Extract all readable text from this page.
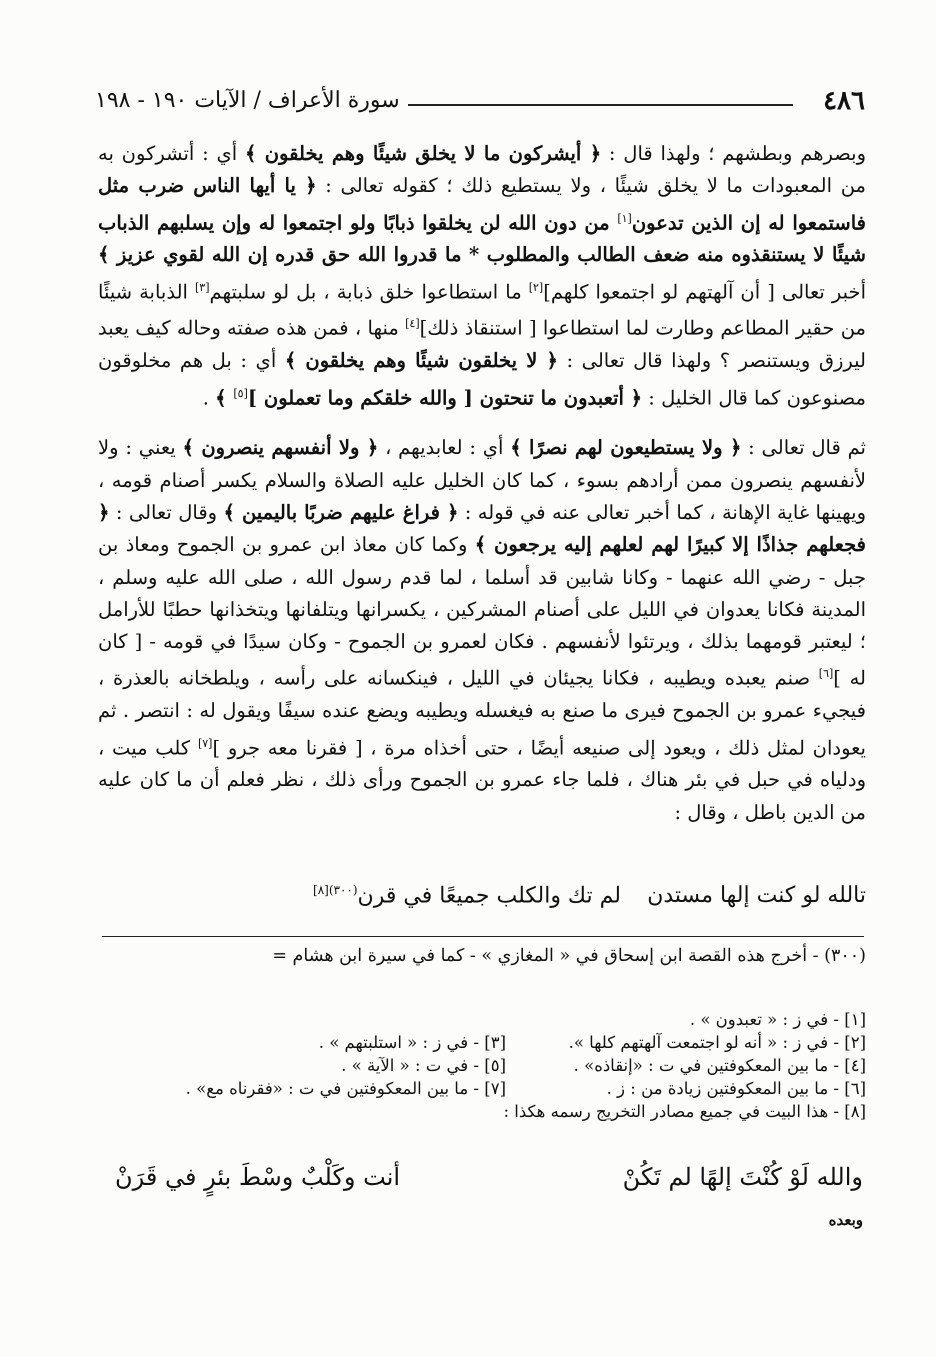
٤٨٦
سورة الأعراف / الآيات ١٩٠ - ١٩٨

وبصرهم وبطشهم ؛ ولهذا قال : ﴿ أيشركون ما لا يخلق شيئًا وهم يخلقون ﴾ أي : أتشركون به من المعبودات ما لا يخلق شيئًا ، ولا يستطيع ذلك ؛ كقوله تعالى : ﴿ يا أيها الناس ضرب مثل فاستمعوا له إن الذين تدعون[١] من دون الله لن يخلقوا ذبابًا ولو اجتمعوا له وإن يسلبهم الذباب شيئًا لا يستنقذوه منه ضعف الطالب والمطلوب * ما قدروا الله حق قدره إن الله لقوي عزيز ﴾ أخبر تعالى [ أن آلهتهم لو اجتمعوا كلهم][٢] ما استطاعوا خلق ذبابة ، بل لو سلبتهم[٣] الذبابة شيئًا من حقير المطاعم وطارت لما استطاعوا [ استنقاذ ذلك][٤] منها ، فمن هذه صفته وحاله كيف يعبد ليرزق ويستنصر ؟ ولهذا قال تعالى : ﴿ لا يخلقون شيئًا وهم يخلقون ﴾ أي : بل هم مخلوقون مصنوعون كما قال الخليل : ﴿ أتعبدون ما تنحتون [ والله خلقكم وما تعملون ][٥] ﴾ .

ثم قال تعالى : ﴿ ولا يستطيعون لهم نصرًا ﴾ أي : لعابديهم ، ﴿ ولا أنفسهم ينصرون ﴾ يعني : ولا لأنفسهم ينصرون ممن أرادهم بسوء ، كما كان الخليل عليه الصلاة والسلام يكسر أصنام قومه ، ويهينها غاية الإهانة ، كما أخبر تعالى عنه في قوله : ﴿ فراغ عليهم ضربًا باليمين ﴾ وقال تعالى : ﴿ فجعلهم جذاذًا إلا كبيرًا لهم لعلهم إليه يرجعون ﴾ وكما كان معاذ ابن عمرو بن الجموح ومعاذ بن جبل - رضي الله عنهما - وكانا شابين قد أسلما ، لما قدم رسول الله ، صلى الله عليه وسلم ، المدينة فكانا يعدوان في الليل على أصنام المشركين ، يكسرانها ويتلفانها ويتخذانها حطبًا للأرامل ؛ ليعتبر قومهما بذلك ، ويرتئوا لأنفسهم . فكان لعمرو بن الجموح - وكان سيدًا في قومه - [ كان له ][٦] صنم يعبده ويطيبه ، فكانا يجيئان في الليل ، فينكسانه على رأسه ، ويلطخانه بالعذرة ، فيجيء عمرو بن الجموح فيرى ما صنع به فيغسله ويطيبه ويضع عنده سيفًا ويقول له : انتصر . ثم يعودان لمثل ذلك ، ويعود إلى صنيعه أيضًا ، حتى أخذاه مرة ، [ فقرنا معه جرو ][٧] كلب ميت ، ودلياه في حبل في بئر هناك ، فلما جاء عمرو بن الجموح ورأى ذلك ، نظر فعلم أن ما كان عليه من الدين باطل ، وقال :

تالله لو كنت إلها مستدن
لم تك والكلب جميعًا في قرن$^{(٣٠٠)[٨]}$
(٣٠٠) - أخرج هذه القصة ابن إسحاق في « المغازي » - كما في سيرة ابن هشام =
[١] - في ز : « تعبدون » .
[٢] - في ز : « أنه لو اجتمعت آلهتهم كلها ».
[٣] - في ز : « استلبتهم » .
[٤] - ما بين المعكوفتين في ت : «إنقاذه» .
[٥] - في ت : « الآية » .
[٦] - ما بين المعكوفتين زيادة من : ز .
[٧] - ما بين المعكوفتين في ت : «فقرناه مع» .
[٨] - هذا البيت في جميع مصادر التخريج رسمه هكذا :
والله لَوْ كُنْتَ إلهًا لم تَكُنْ
أنت وكَلْبٌ وسْطَ بئرٍ في قَرَنْ
وبعده
